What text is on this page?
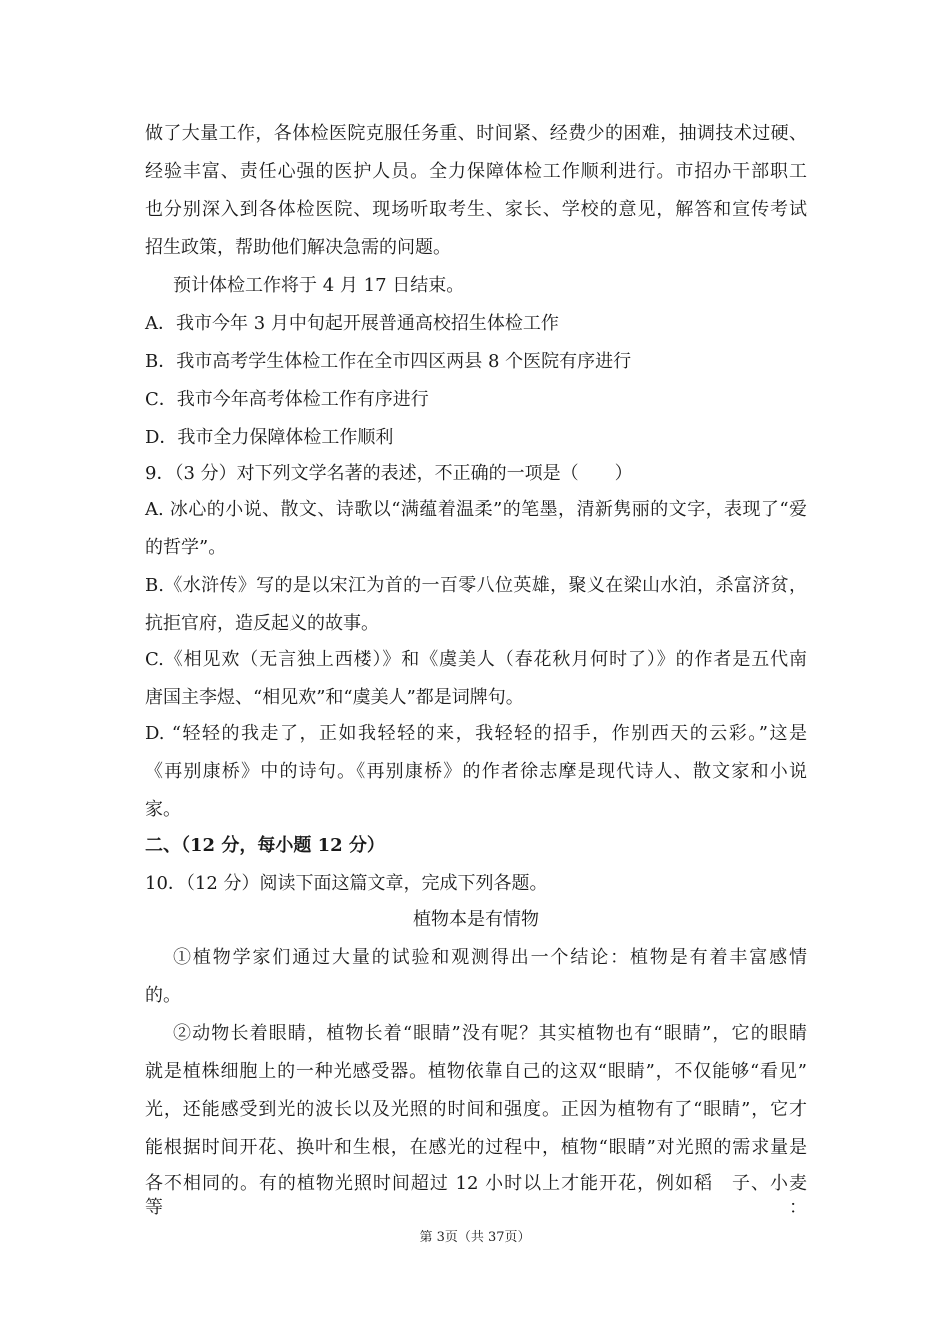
做了大量工作，各体检医院克服任务重、时间紧、经费少的困难，抽调技术过硬、
经验丰富、责任心强的医护人员。全力保障体检工作顺利进行。市招办干部职工
也分别深入到各体检医院、现场听取考生、家长、学校的意见，解答和宣传考试
招生政策，帮助他们解决急需的问题。
预计体检工作将于 4 月 17 日结束。
A．我市今年 3 月中旬起开展普通高校招生体检工作
B．我市高考学生体检工作在全市四区两县 8 个医院有序进行
C．我市今年高考体检工作有序进行
D．我市全力保障体检工作顺利
9．（3 分）对下列文学名著的表述，不正确的一项是（　　）
A. 冰心的小说、散文、诗歌以“满蕴着温柔”的笔墨，清新隽丽的文字，表现了“爱
的哲学”。
B.《水浒传》写的是以宋江为首的一百零八位英雄，聚义在梁山水泊，杀富济贫，
抗拒官府，造反起义的故事。
C.《相见欢（无言独上西楼）》和《虞美人（春花秋月何时了）》的作者是五代南
唐国主李煜、“相见欢”和“虞美人”都是词牌句。
D. “轻轻的我走了，正如我轻轻的来，我轻轻的招手，作别西天的云彩。”这是
《再别康桥》中的诗句。《再别康桥》的作者徐志摩是现代诗人、散文家和小说
家。
二、（12 分，每小题 12 分）
10．（12 分）阅读下面这篇文章，完成下列各题。
植物本是有情物
①植物学家们通过大量的试验和观测得出一个结论：植物是有着丰富感情
的。
②动物长着眼睛，植物长着“眼睛”没有呢？其实植物也有“眼睛”，它的眼睛
就是植株细胞上的一种光感受器。植物依靠自己的这双“眼睛”，不仅能够“看见”
光，还能感受到光的波长以及光照的时间和强度。正因为植物有了“眼睛”，它才
能根据时间开花、换叶和生根，在感光的过程中，植物“眼睛”对光照的需求量是
各不相同的。有的植物光照时间超过 12 小时以上才能开花，例如稻　子、小麦等：
第 3页（共 37页）
